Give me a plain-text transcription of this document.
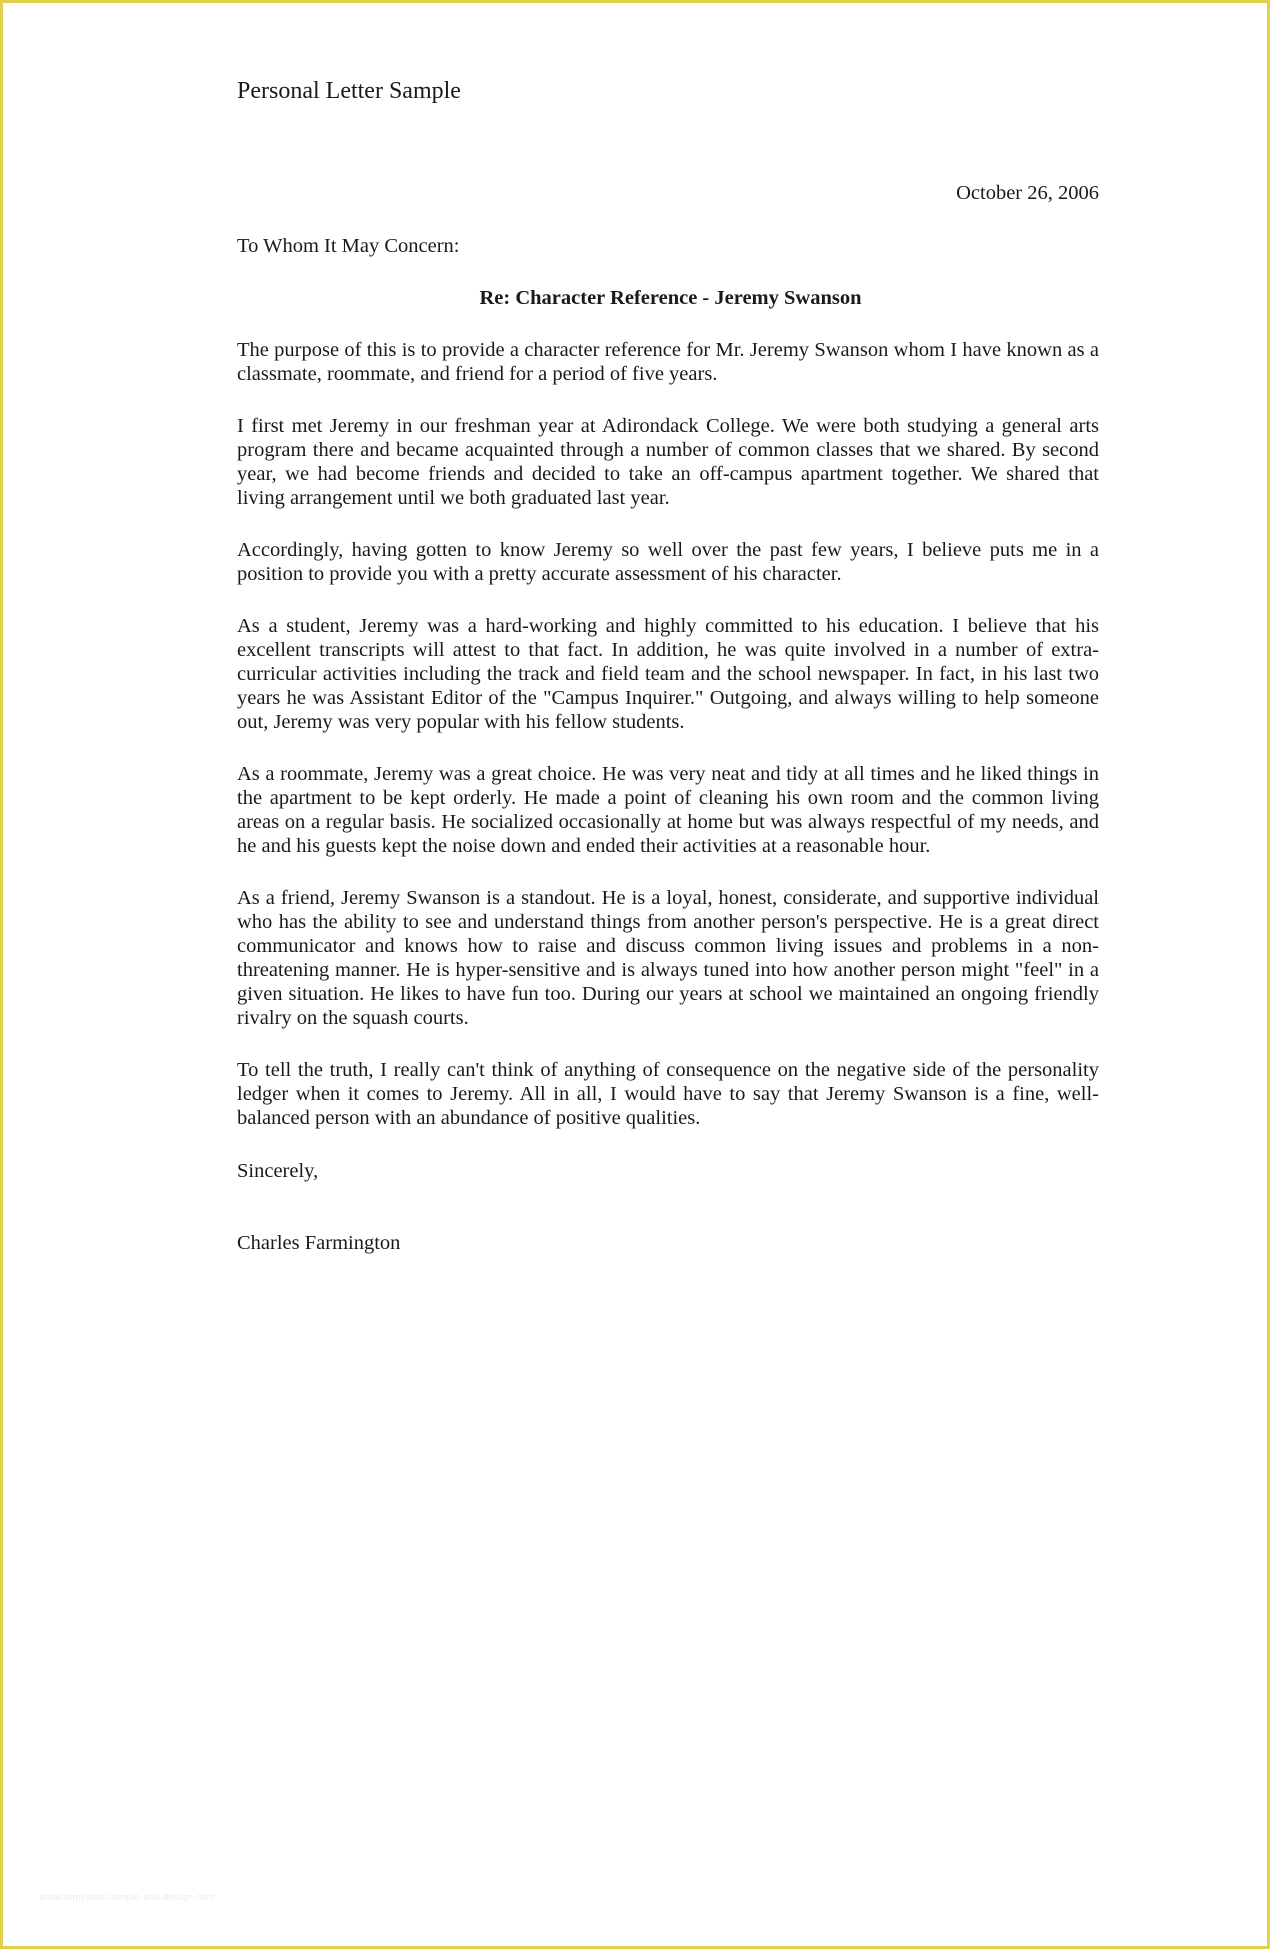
Personal Letter Sample
October 26, 2006
To Whom It May Concern:
Re: Character Reference - Jeremy Swanson

The purpose of this is to provide a character reference for Mr. Jeremy Swanson whom I have known as a classmate, roommate, and friend for a period of five years.

I first met Jeremy in our freshman year at Adirondack College. We were both studying a general arts program there and became acquainted through a number of common classes that we shared. By second year, we had become friends and decided to take an off-campus apartment together. We shared that living arrangement until we both graduated last year.

Accordingly, having gotten to know Jeremy so well over the past few years, I believe puts me in a position to provide you with a pretty accurate assessment of his character.

As a student, Jeremy was a hard-working and highly committed to his education. I believe that his excellent transcripts will attest to that fact. In addition, he was quite involved in a number of extra-curricular activities including the track and field team and the school newspaper. In fact, in his last two years he was Assistant Editor of the "Campus Inquirer." Outgoing, and always willing to help someone out, Jeremy was very popular with his fellow students.

As a roommate, Jeremy was a great choice. He was very neat and tidy at all times and he liked things in the apartment to be kept orderly. He made a point of cleaning his own room and the common living areas on a regular basis. He socialized occasionally at home but was always respectful of my needs, and he and his guests kept the noise down and ended their activities at a reasonable hour.

As a friend, Jeremy Swanson is a standout. He is a loyal, honest, considerate, and supportive individual who has the ability to see and understand things from another person's perspective. He is a great direct communicator and knows how to raise and discuss common living issues and problems in a non-threatening manner. He is hyper-sensitive and is always tuned into how another person might "feel" in a given situation. He likes to have fun too. During our years at school we maintained an ongoing friendly rivalry on the squash courts.

To tell the truth, I really can't think of anything of consequence on the negative side of the personality ledger when it comes to Jeremy. All in all, I would have to say that Jeremy Swanson is a fine, well-balanced person with an abundance of positive qualities.

Sincerely,
Charles Farmington
www.template-sample-and-design.com
